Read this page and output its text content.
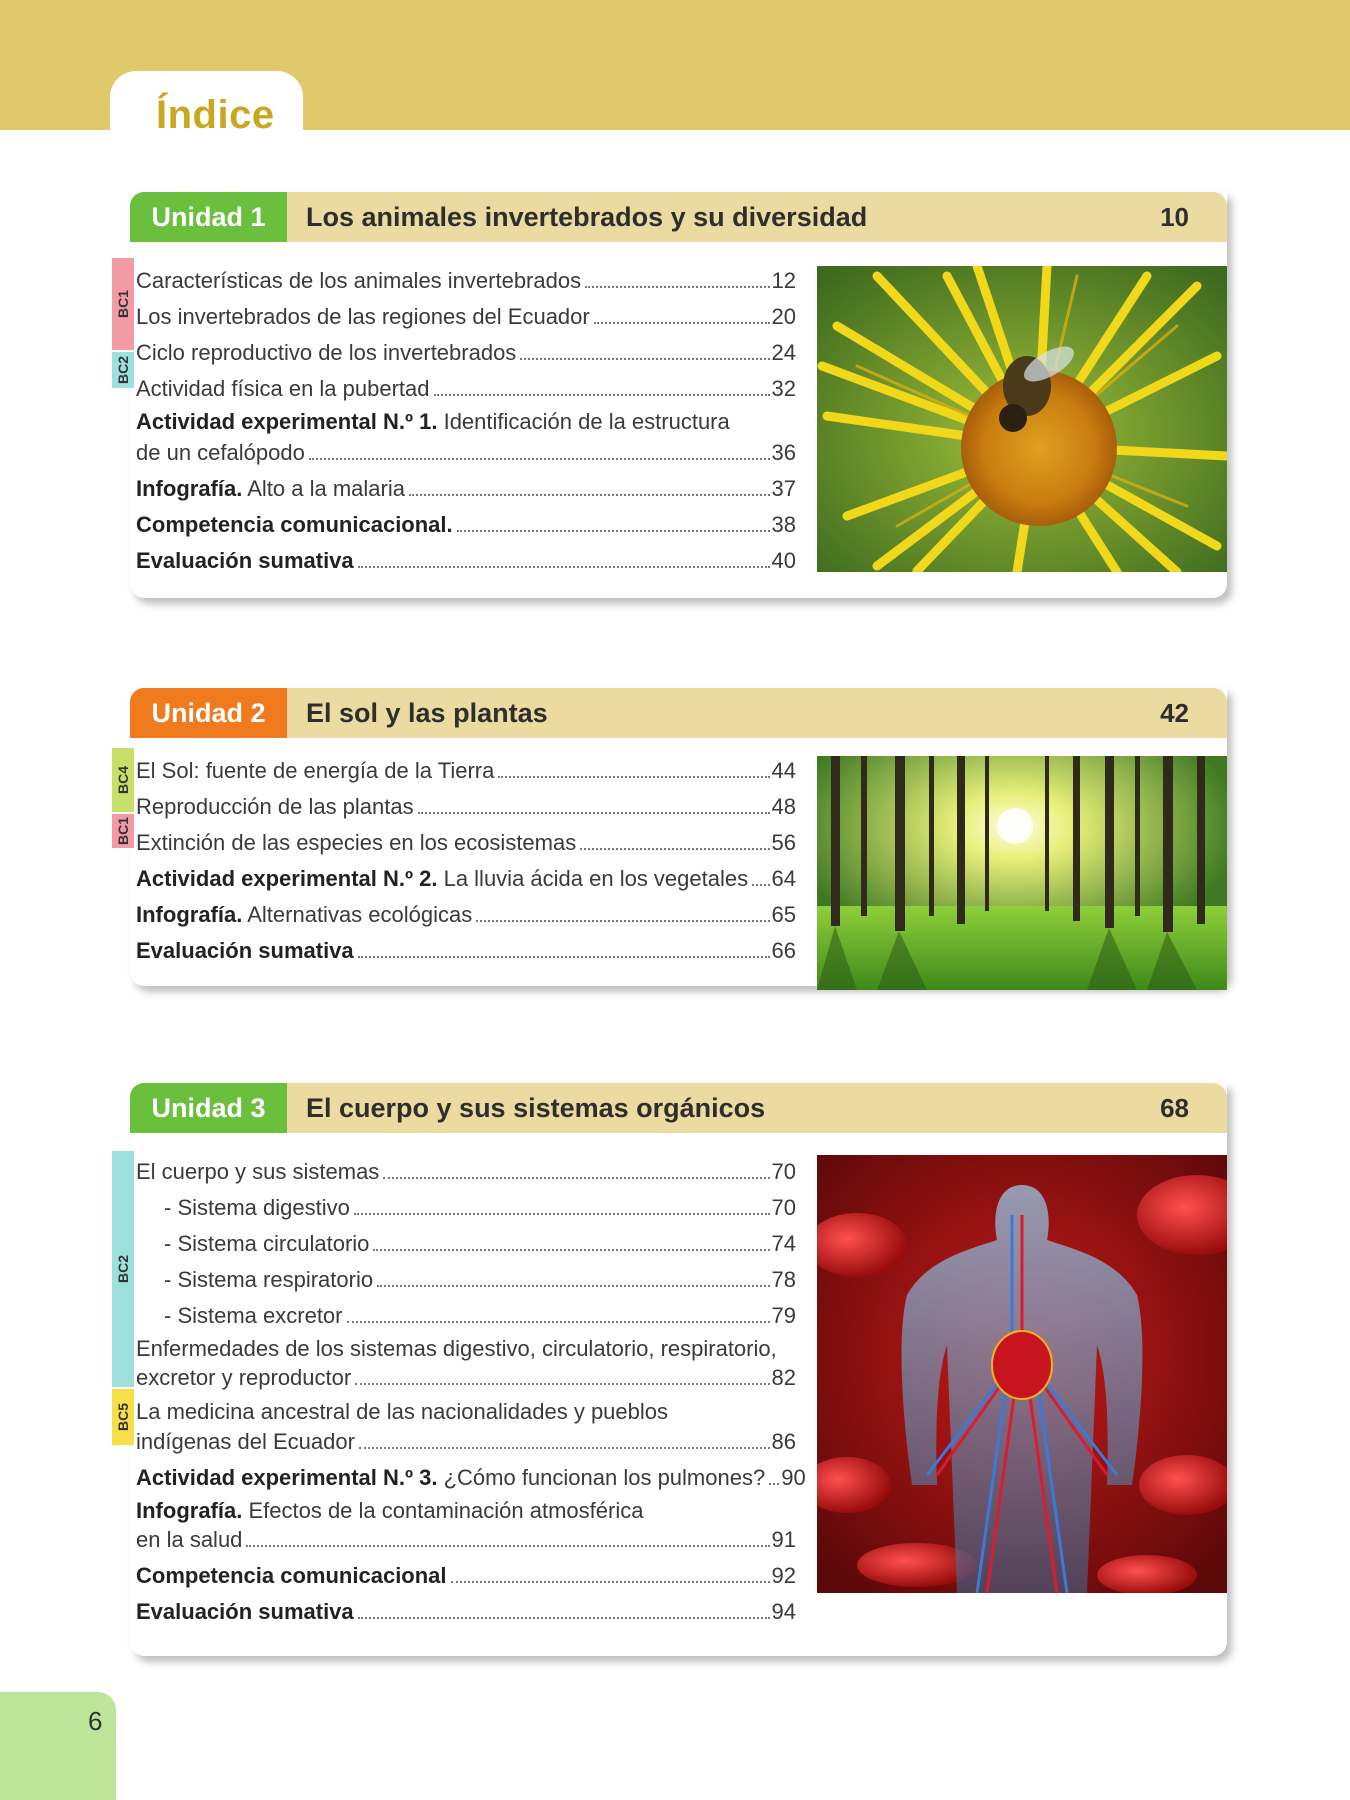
Índice
Unidad 1	Los animales invertebrados y su diversidad	10
BC1
BC2
Características de los animales invertebrados	12
Los invertebrados de las regiones del Ecuador	20
Ciclo reproductivo de los invertebrados	24
Actividad física en la pubertad	32
Actividad experimental N.º 1. Identificación de la estructura
de un cefalópodo	36
Infografía. Alto a la malaria	37
Competencia comunicacional.	38
Evaluación sumativa	40
Unidad 2	El sol y las plantas	42
BC4
BC1
El Sol: fuente de energía de la Tierra	44
Reproducción de las plantas	48
Extinción de las especies en los ecosistemas	56
Actividad experimental N.º 2. La lluvia ácida en los vegetales 64
Infografía. Alternativas ecológicas	65
Evaluación sumativa	66
Unidad 3	El cuerpo y sus sistemas orgánicos	68
BC2
BC5
El cuerpo y sus sistemas	70
- Sistema digestivo	70
- Sistema circulatorio	74
- Sistema respiratorio	78
- Sistema excretor	79
Enfermedades de los sistemas digestivo, circulatorio, respiratorio,
excretor y reproductor	82
La medicina ancestral de las nacionalidades y pueblos
indígenas del Ecuador	86
Actividad experimental N.º 3. ¿Cómo funcionan los pulmones? 90
Infografía. Efectos de la contaminación atmosférica
en la salud	91
Competencia comunicacional	92
Evaluación sumativa	94
6
